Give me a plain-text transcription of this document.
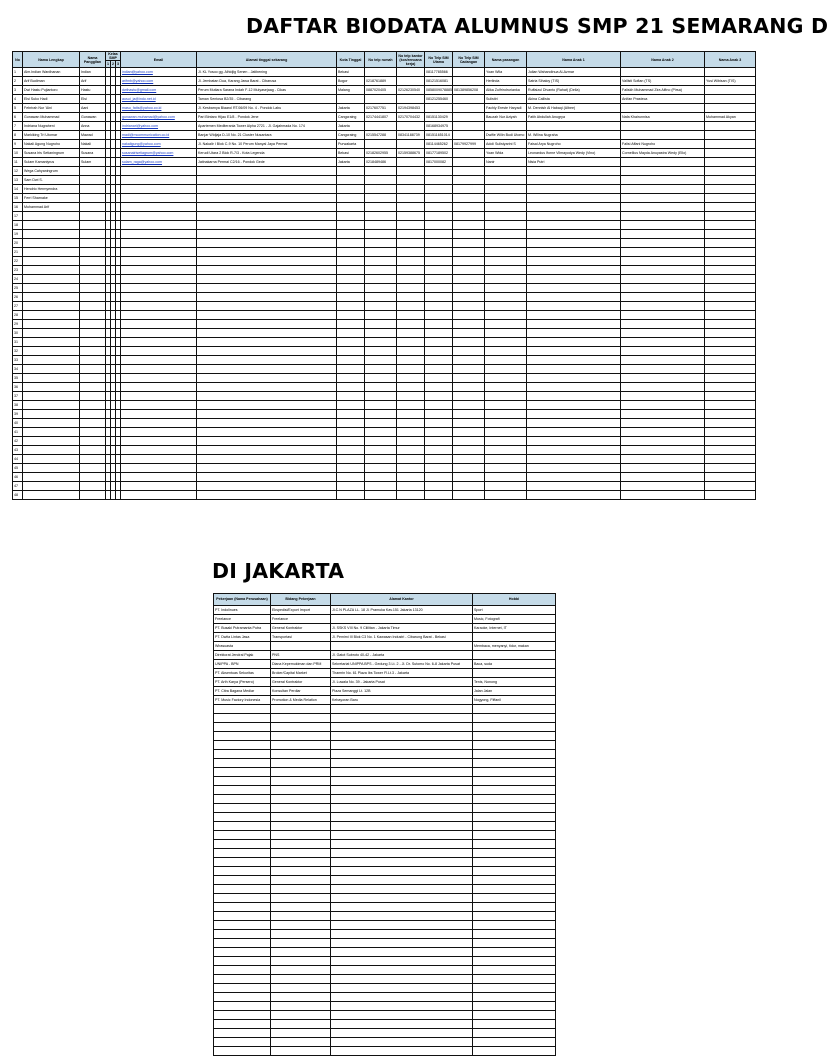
DAFTAR BIODATA ALUMNUS SMP 21 SEMARANG D
DI JAKARTA
No	Nama Lengkap	Nama Panggilan	Kelas SMP			Email	Alamat tinggal sekarang	Kota Tinggal	No telp rumah	No telp kantor (kos/rencana kerja)	No Telp SIM Utama	No Telp SIM Cadangan	Nama pasangan	Nama Anak 1	Nama Anak 2	Nama Anak 3
			1	2	3											
1	Alm.Indian Wardhanan	Indian				indian@yahoo.com	Jl. KL Yosoo gg. Alhidjig Senen - Jatibening	Bekasi			08117785566		Yoan Wila	Julian Wahandinua Al-Azmar		
2	Arif Budiman	Arif				arifmb@yahoo.com	Jl. Jembatan Dua, Karang Jawa Barat - Cibarusa	Bogor	0218761889		08121516081		Herlinda	Satria Sihaloy (TIS)	Vallisti Sofian (TS)	Yusi Wibisan (TIS)
3	Dwi Hastu Pujiantoro	Hastu				dwihastu@gmail.com	Perum Mutiara Sarana Indah F-12 Mulyasejaag - Cikas	Malang	0887020405	02126230540	0858009078885	081389856208	Alika Zulfrindrurianka	Ruffaizul Divanto (Rahat) (Della)	Faliskh Muhammad Zira Alfino (Pirsa)	
4	Elsi Suko Hadi	Elsi				ausui_ja@indo.net.id	Taman Sentosa B2/35 - Cibarang				08121255460		Sulistiri	Akina Callista	Anifan Prasteca	
5	Febrirah Nur 'Aini	Aani				masu_fatis@yahoo.co.id	Jl. Kesbarnya Biaarol RT.06/09 No. 4 - Pondok Labu	Jakarta	0217607751	02194398453			Fachly Ereste Haryadi	M. Dennish Al Habaqi (Albee)		
6	Gunawan Muhammad	Gunawan				gunawan.muhamad@yahoo.com	Pari Bintaro Hijau E1/8 - Pondok Jene	Cangcraing	02174441807	02170704432	08151130429		Bauzah Nur Aziyah	Fatih Abdullah Anugrya	Nafa Khairunnisa	Muhammad Akyan
7	Indriana Nugraheni	Anna				indrianari@yahoo.com	Apartemen Mediterania Tower Alpha 2721 - Jl. Gajahmada No. 174	Jakarta			08168934975					
8	Markiking Tri Utomar	Mawad				madi@mcommunication.co.id	Banjar Widjaja D-10 No. 21 Cluster Nusantara	Cangcraing	0215547288	08341188739	081511651014		Dwifie Wilin Budi Utomo	M. Wilina Nugraha		
9	Nakali Agung Nugroho	Nakali				nakaligung@yahoo.com	Jl. Nakalir I Blok C-9 No. 10 Perum Manyal Jaya Permai	Purwakarta			08114465262	08179927999	Adoli Sulistyarini S	Faisal Arya Nugroho	Falisi Affani Nugroho	
10	Susana Iris Setianingrum	Susana				susanairisetiagrum@yahoo.com	Kerudi Utara 2 Blok R-7/3 - Kota Legenda	Bekasi	02182602955	02159388675	08177189502		Yoan Wida	Leonardus Iforne Vilmayodya Wedy (Vino)	Cornellius Mayda Anuyastra Wedy (Ello)	
11	Sulam Kamaniyrus	Sulam				sulam_raga@yahoo.com	Jatinakarna Permai C2/16 - Pondok Gede	Jakarta	0218489486		0817000082		Nanir	Nisia Putri		
12	Wega Cahyaningrum															
13	Sam Dwi S.															
14	Hendrio Hermyendra															
15	Ferri Sharnake															
16	Muhammad Arif															
17																
18																
19																
20																
21																
22																
23																
24																
25																
26																
27																
28																
29																
30																
31																
32																
33																
34																
35																
36																
37																
38																
39																
40																
41																
42																
43																
44																
45																
46																
47																
48																
Pekerjaan (Nama Perusahaan)	Bidang Pekerjaan	Alamat Kantor	Hobbi
PT. Indolinues	Ekspedisi/Export Import	Jl.C.N PLAZA LL. 18 Jl. Pramuka Kav.151 Jakarta 13120	Sport
Freelance	Freelance		Music, Fotografi
PT. Busaki Putramanta Putra	General Kontraktor	Jl. SSKS VIII No. 9 Cililitan - Jakarta Timur	Karaoke, Internet, IT
PT. Dwita Lintas Jasa	Transportasi	Jl. Pemimi III Blok C3 No. 1 Kawasan Industri - Cibarung Barat - Bekasi	
Wirasuasta			Membaca, menyanyi, tidur, makan
Direktorat Jendral Pajak	PNS	Jl. Gatot Subroto 40-42 - Jakarta	
UNIPPA - BPN	Diana Kepemukiman dan PRM	Sekretariat UNIPPA BPS - Gedung 3 Lt. 2 - Jl. Dr. Sutomo No. 6-8 Jakarta Pusat	Baca, suda
PT. Aksentuas Sekuritas	Broker/Capital Market	Thamrin No. 61 Plaza Ibs Tower Fl.Lt.3 - Jakarta	
PT. Arth Karya (Persero)	General Kontraktor	Jl. Luwala No. 39 - Jakarta Pusat	Tenis, Nonong
PT. Citra Bagana Mediar	Konsultan Perdiar	Plaza Semanggi Lt. 12B	Jalan Jalan
PT. Music Factory Indonesia	Promotion & Media Relation	Kebayoran Baru	Nogyong, Fiffanil
